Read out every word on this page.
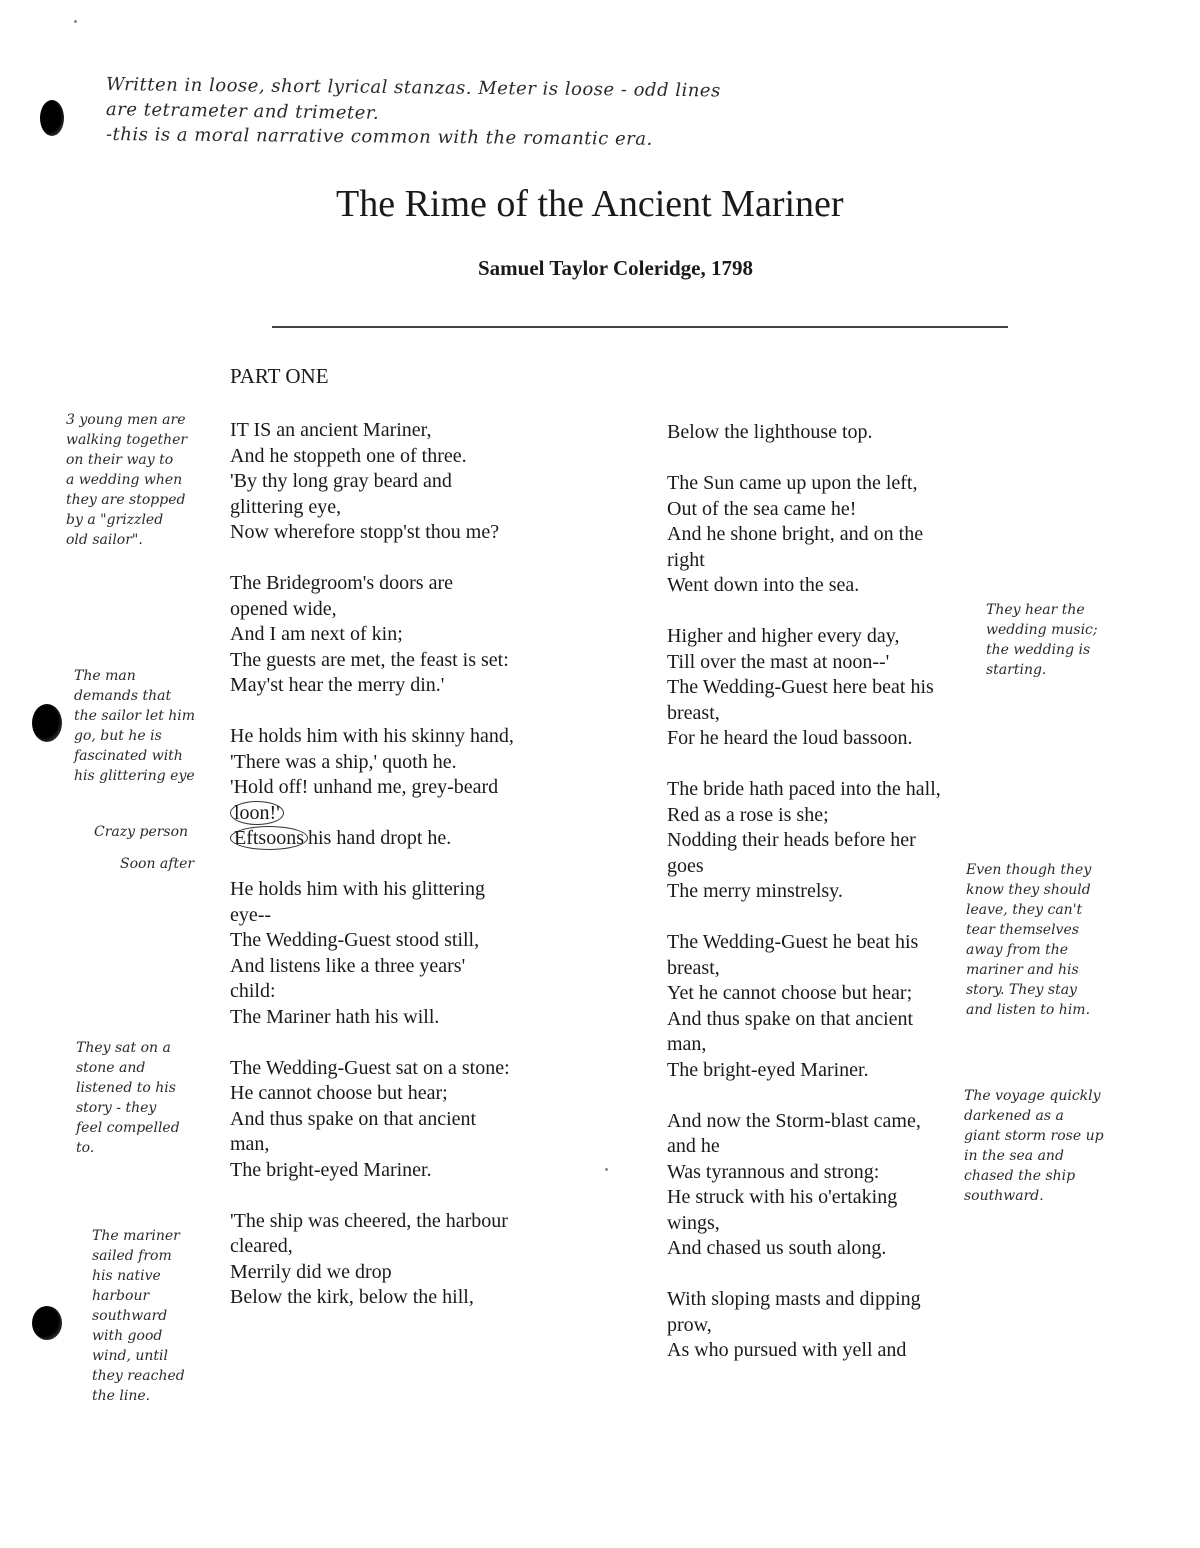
Written in loose, short lyrical stanzas. Meter is loose - odd lines
are tetrameter and trimeter.
-this is a moral narrative common with the romantic era.
The Rime of the Ancient Mariner
Samuel Taylor Coleridge, 1798
PART ONE
IT IS an ancient Mariner,
And he stoppeth one of three.
'By thy long gray beard and
glittering eye,
Now wherefore stopp'st thou me?
The Bridegroom's doors are
opened wide,
And I am next of kin;
The guests are met, the feast is set:
May'st hear the merry din.'
He holds him with his skinny hand,
'There was a ship,' quoth he.
'Hold off! unhand me, grey-beard
loon!'
Eftsoons his hand dropt he.
He holds him with his glittering
eye--
The Wedding-Guest stood still,
And listens like a three years'
child:
The Mariner hath his will.
The Wedding-Guest sat on a stone:
He cannot choose but hear;
And thus spake on that ancient
man,
The bright-eyed Mariner.
'The ship was cheered, the harbour
cleared,
Merrily did we drop
Below the kirk, below the hill,
Below the lighthouse top.
The Sun came up upon the left,
Out of the sea came he!
And he shone bright, and on the
right
Went down into the sea.
Higher and higher every day,
Till over the mast at noon--'
The Wedding-Guest here beat his
breast,
For he heard the loud bassoon.
The bride hath paced into the hall,
Red as a rose is she;
Nodding their heads before her
goes
The merry minstrelsy.
The Wedding-Guest he beat his
breast,
Yet he cannot choose but hear;
And thus spake on that ancient
man,
The bright-eyed Mariner.
And now the Storm-blast came,
and he
Was tyrannous and strong:
He struck with his o'ertaking
wings,
And chased us south along.
With sloping masts and dipping
prow,
As who pursued with yell and
3 young men are
walking together
on their way to
a wedding when
they are stopped
by a "grizzled
old sailor".
The man
demands that
the sailor let him
go, but he is
fascinated with
his glittering eye
Crazy person
Soon after
They sat on a
stone and
listened to his
story - they
feel compelled
to.
The mariner
sailed from
his native
harbour
southward
with good
wind, until
they reached
the line.
They hear the
wedding music;
the wedding is
starting.
Even though they
know they should
leave, they can't
tear themselves
away from the
mariner and his
story. They stay
and listen to him.
The voyage quickly
darkened as a
giant storm rose up
in the sea and
chased the ship
southward.
